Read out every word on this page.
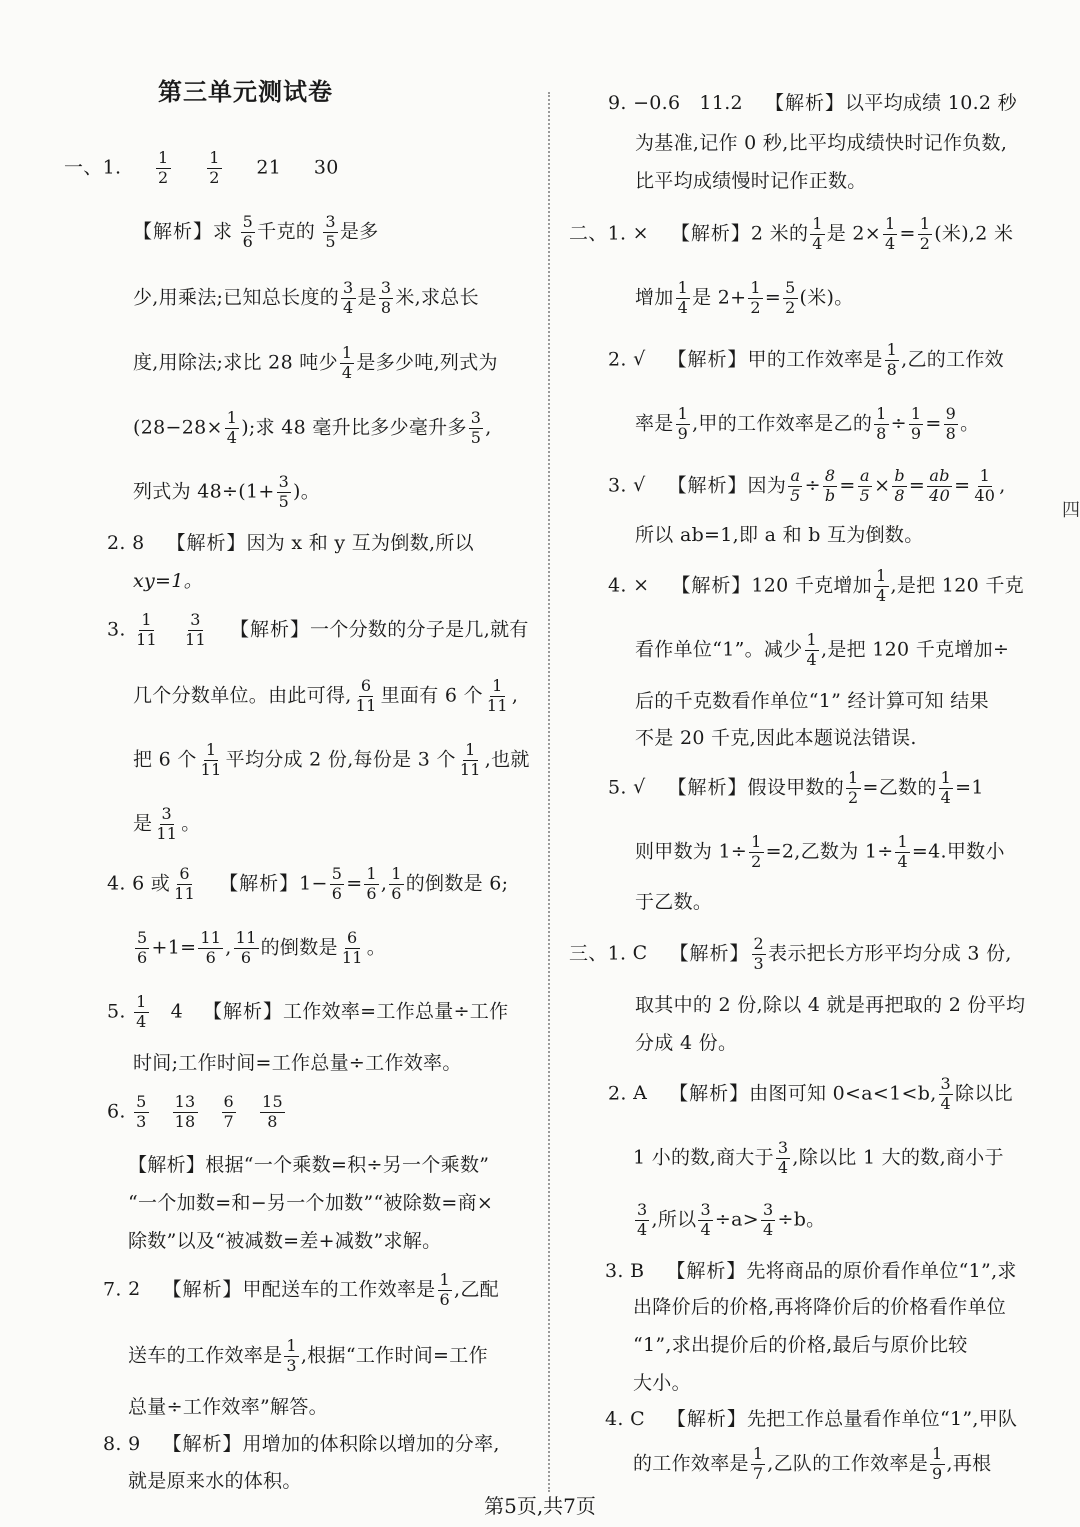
四
第三单元测试卷
一、1. $\frac{1}{2}$
$\frac{1}{2} 21$ 30
【解析】求 $\frac{5}{6}$ 千克的 $\frac{3}{5}$ 是多
少,用乘法;已知总长度的 $\frac{3}{4}$ 是 $\frac{3}{8}$ 米,求总长
度,用除法;求比 28 吨少 $\frac{1}{4}$ 是多少吨,列式为
($28-28\times \frac{1}{4}$ );求 48 毫升比多少毫升多 $\frac{3}{5}$ ,
列式为 $48\div(1+ \frac{3}{5}$ )。
2. 8 【解析】因为 x 和 y 互为倒数,所以
xy=1。
3. $\frac{1}{11} \frac{3}{11}$ 【解析】一个分数的分子是几,就有
几个分数单位。由此可得, $\frac{6}{11}$ 里面有 6 个 $\frac{1}{11}$ ,
把 6 个 $\frac{1}{11}$ 平均分成 2 份,每份是 3 个 $\frac{1}{11}$ ,也就
是 $\frac{3}{11}$ 。
4. 6 或 $\frac{6}{11}$ 【解析】$1- \frac{5}{6} = \frac{1}{6}$ , $\frac{1}{6}$ 的倒数是 6;
$\frac{5}{6} +1= \frac{11}{6}$ , $\frac{11}{6}$ 的倒数是 $\frac{6}{11}$ 。
5. $\frac{1}{4} 4$ 【解析】工作效率=工作总量÷工作
时间;工作时间=工作总量÷工作效率。
6. $\frac{5}{3} \frac{13}{18} \frac{6}{7} \frac{15}{8}$
【解析】根据“一个乘数=积÷另一个乘数”
“一个加数=和−另一个加数”“被除数=商×
除数”以及“被减数=差+减数”求解。
7. 2 【解析】甲配送车的工作效率是 $\frac{1}{6}$ ,乙配
送车的工作效率是 $\frac{1}{3}$ ,根据“工作时间=工作
总量÷工作效率”解答。
8. 9 【解析】用增加的体积除以增加的分率,
就是原来水的体积。
9. −0.6   11.2 【解析】以平均成绩 10.2 秒
为基准,记作 0 秒,比平均成绩快时记作负数,
比平均成绩慢时记作正数。
二、1. × 【解析】2 米的 $\frac{1}{4}$ 是 $2\times \frac{1}{4} = \frac{1}{2}$ (米),2 米
增加 $\frac{1}{4}$ 是 $2+ \frac{1}{2} = \frac{5}{2}$ (米)。
2. √ 【解析】甲的工作效率是 $\frac{1}{8}$ ,乙的工作效
率是 $\frac{1}{9}$ ,甲的工作效率是乙的 $\frac{1}{8} \div \frac{1}{9} = \frac{9}{8}$ 。
3. √ 【解析】因为 $\frac{a}{5} \div \frac{8}{b} = \frac{a}{5} \times \frac{b}{8} = \frac{ab}{40} = \frac{1}{40}$ ,
所以 ab=1,即 a 和 b 互为倒数。
4. × 【解析】120 千克增加 $\frac{1}{4}$ ,是把 120 千克
看作单位“1”。减少 $\frac{1}{4}$ ,是把 120 千克增加÷
后的千克数看作单位“1” 经计算可知 结果
不是 20 千克,因此本题说法错误.
5. √ 【解析】假设甲数的 $\frac{1}{2}$ =乙数的 $\frac{1}{4} =1$
则甲数为 $1\div \frac{1}{2} =2$,乙数为 $1\div \frac{1}{4} =4$.甲数小
于乙数。
三、1. C 【解析】 $\frac{2}{3}$ 表示把长方形平均分成 3 份,
取其中的 2 份,除以 4 就是再把取的 2 份平均
分成 4 份。
2. A 【解析】由图可知 0<a<1<b, $\frac{3}{4}$ 除以比
1 小的数,商大于 $\frac{3}{4}$ ,除以比 1 大的数,商小于
$\frac{3}{4}$ ,所以 $\frac{3}{4} \div a> \frac{3}{4} \div b$。
3. B 【解析】先将商品的原价看作单位“1”,求
出降价后的价格,再将降价后的价格看作单位
“1”,求出提价后的价格,最后与原价比较
大小。
4. C 【解析】先把工作总量看作单位“1”,甲队
的工作效率是 $\frac{1}{7}$ ,乙队的工作效率是 $\frac{1}{9}$ ,再根
第5页,共7页
